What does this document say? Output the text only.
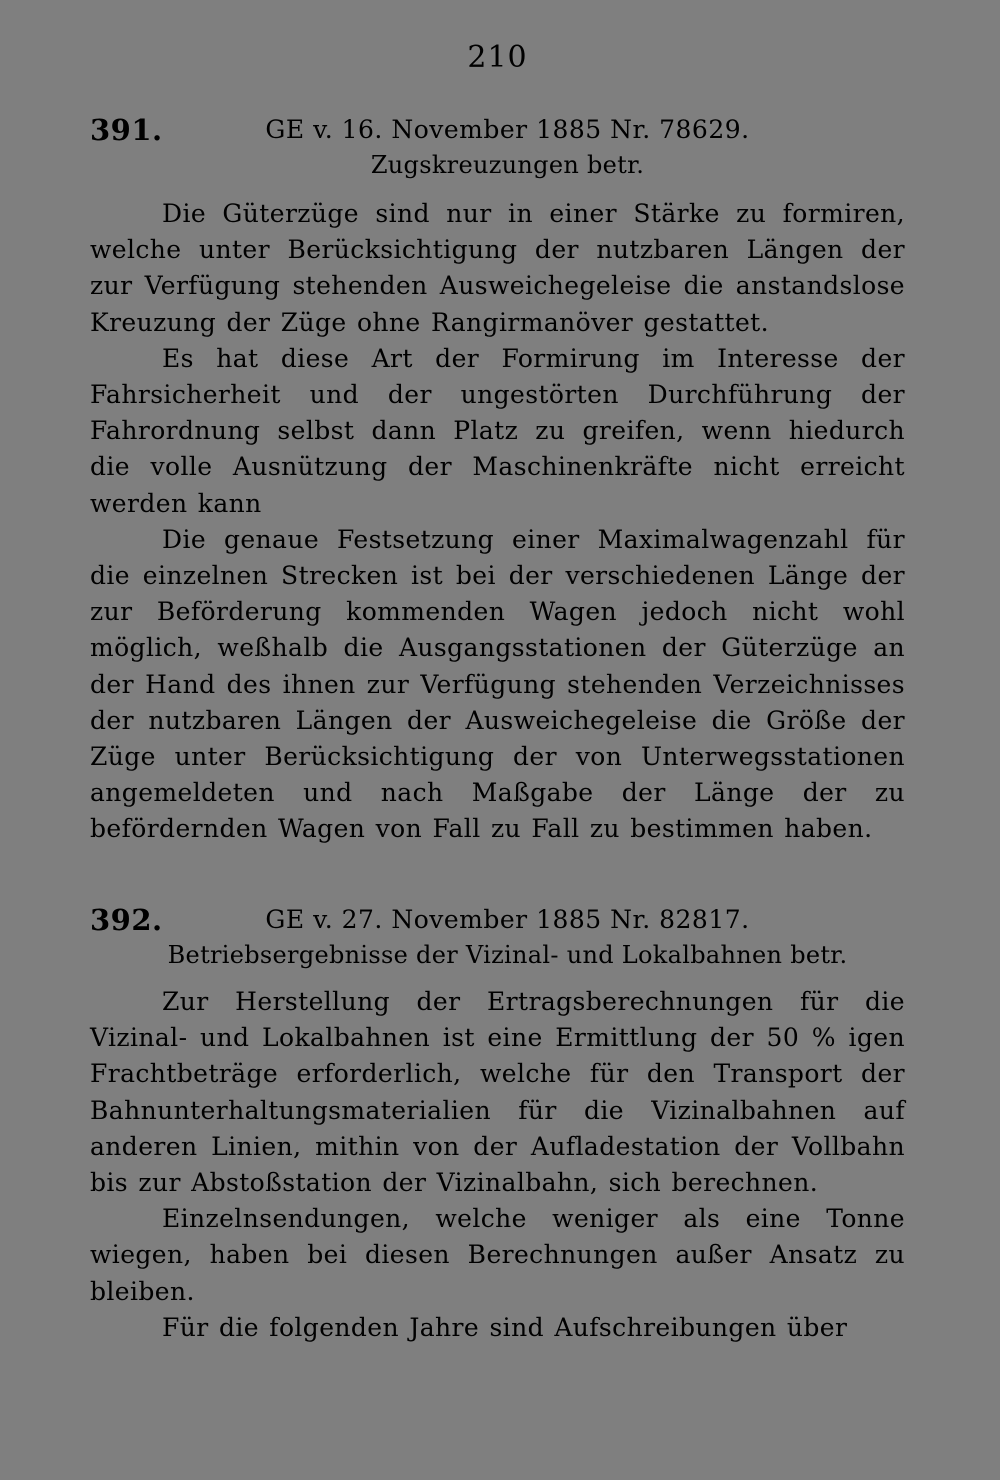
210
391.	GE v. 16. November 1885 Nr. 78629.
Zugskreuzungen betr.

Die Güterzüge sind nur in einer Stärke zu formiren, welche unter Berücksichtigung der nutzbaren Längen der zur Verfügung stehenden Ausweichegeleise die anstandslose Kreuzung der Züge ohne Rangirmanöver gestattet.

Es hat diese Art der Formirung im Interesse der Fahrsicherheit und der ungestörten Durchführung der Fahrordnung selbst dann Platz zu greifen, wenn hiedurch die volle Ausnützung der Maschinenkräfte nicht erreicht werden kann

Die genaue Festsetzung einer Maximalwagenzahl für die einzelnen Strecken ist bei der verschiedenen Länge der zur Beförderung kommenden Wagen jedoch nicht wohl möglich, weßhalb die Ausgangsstationen der Güterzüge an der Hand des ihnen zur Verfügung stehenden Verzeichnisses der nutzbaren Längen der Ausweichegeleise die Größe der Züge unter Berücksichtigung der von Unterwegsstationen angemeldeten und nach Maßgabe der Länge der zu befördernden Wagen von Fall zu Fall zu bestimmen haben.

392.	GE v. 27. November 1885 Nr. 82817.
Betriebsergebnisse der Vizinal- und Lokalbahnen betr.

Zur Herstellung der Ertragsberechnungen für die Vizinal- und Lokalbahnen ist eine Ermittlung der 50 % igen Frachtbeträge erforderlich, welche für den Transport der Bahnunterhaltungsmaterialien für die Vizinalbahnen auf anderen Linien, mithin von der Aufladestation der Vollbahn bis zur Abstoßstation der Vizinalbahn, sich berechnen.

Einzelnsendungen, welche weniger als eine Tonne wiegen, haben bei diesen Berechnungen außer Ansatz zu bleiben.

Für die folgenden Jahre sind Aufschreibungen über
